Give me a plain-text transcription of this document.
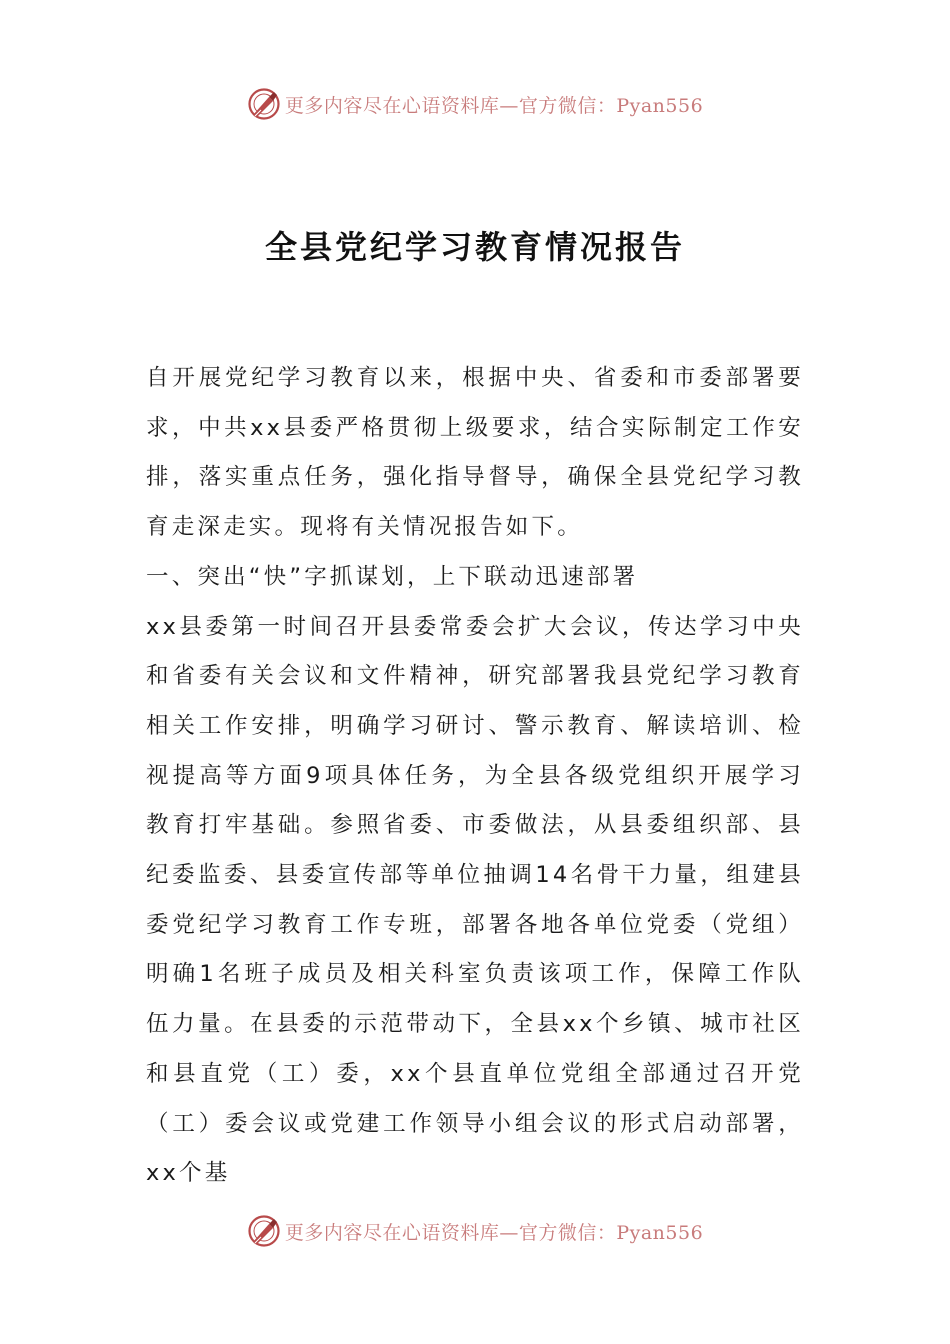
更多内容尽在心语资料库—官方微信：Pyan556
全县党纪学习教育情况报告

自开展党纪学习教育以来，根据中央、省委和市委部署要求，中共xx县委严格贯彻上级要求，结合实际制定工作安排，落实重点任务，强化指导督导，确保全县党纪学习教育走深走实。现将有关情况报告如下。

一、突出“快”字抓谋划，上下联动迅速部署

xx县委第一时间召开县委常委会扩大会议，传达学习中央和省委有关会议和文件精神，研究部署我县党纪学习教育相关工作安排，明确学习研讨、警示教育、解读培训、检视提高等方面9项具体任务，为全县各级党组织开展学习教育打牢基础。参照省委、市委做法，从县委组织部、县纪委监委、县委宣传部等单位抽调14名骨干力量，组建县委党纪学习教育工作专班，部署各地各单位党委（党组）明确1名班子成员及相关科室负责该项工作，保障工作队伍力量。在县委的示范带动下，全县xx个乡镇、城市社区和县直党（工）委，xx个县直单位党组全部通过召开党（工）委会议或党建工作领导小组会议的形式启动部署，xx个基

更多内容尽在心语资料库—官方微信：Pyan556
